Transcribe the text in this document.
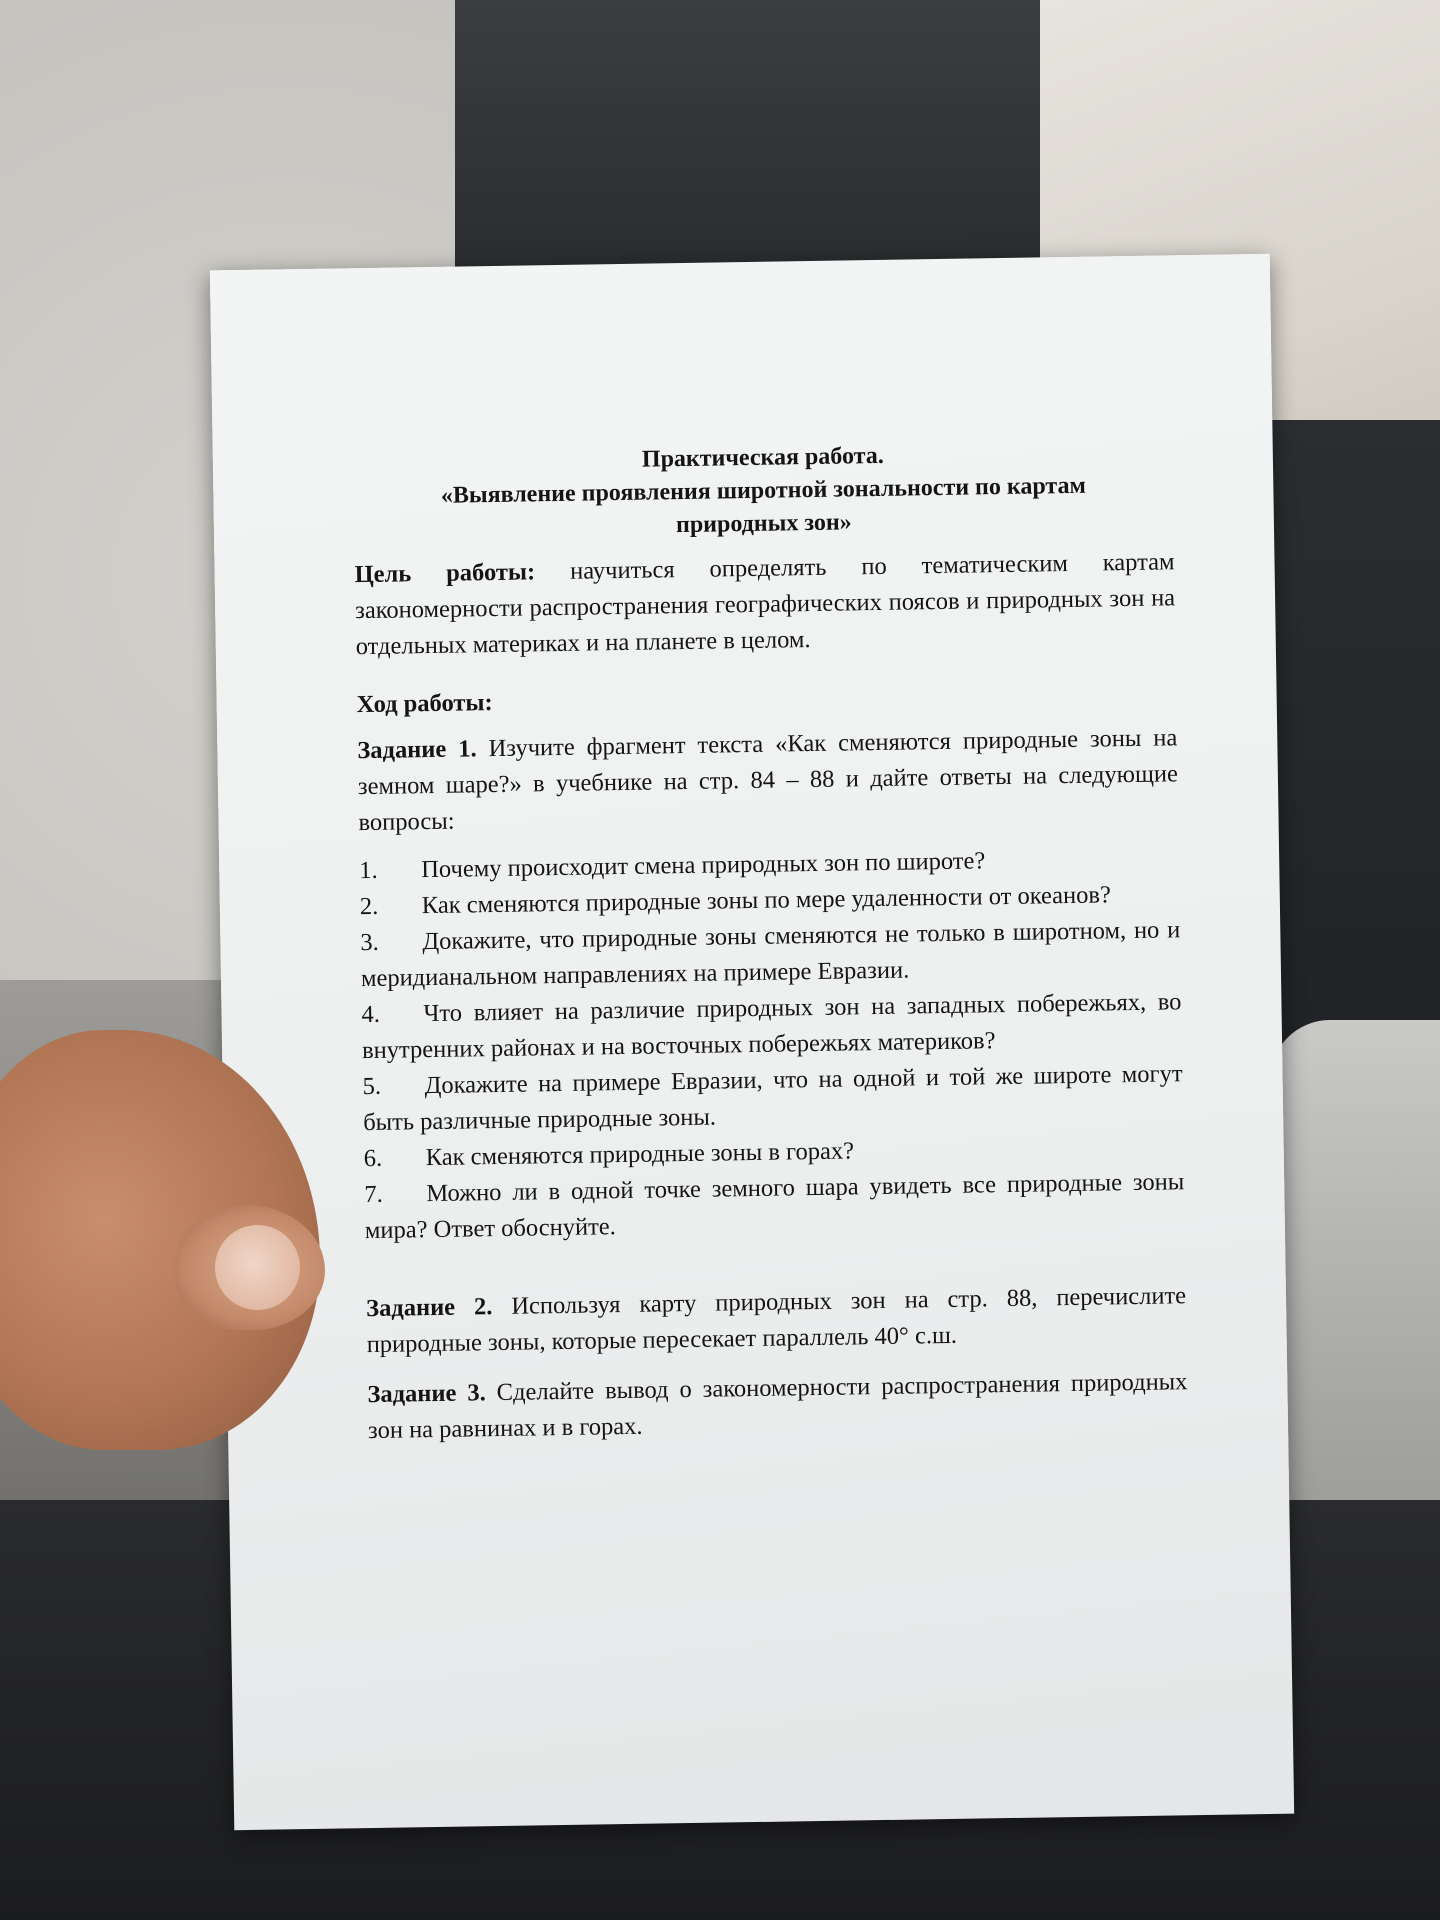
Практическая работа.
«Выявление проявления широтной зональности по картам
природных зон»

Цель работы: научиться определять по тематическим картам закономерности распространения географических поясов и природных зон на отдельных материках и на планете в целом.

Ход работы:

Задание 1. Изучите фрагмент текста «Как сменяются природные зоны на земном шаре?» в учебнике на стр. 84 – 88 и дайте ответы на следующие вопросы:

1. Почему происходит смена природных зон по широте?
2. Как сменяются природные зоны по мере удаленности от океанов?
3. Докажите, что природные зоны сменяются не только в широтном, но и меридианальном направлениях на примере Евразии.
4. Что влияет на различие природных зон на западных побережьях, во внутренних районах и на восточных побережьях материков?
5. Докажите на примере Евразии, что на одной и той же широте могут быть различные природные зоны.
6. Как сменяются природные зоны в горах?
7. Можно ли в одной точке земного шара увидеть все природные зоны мира? Ответ обоснуйте.

Задание 2. Используя карту природных зон на стр. 88, перечислите природные зоны, которые пересекает параллель 40° с.ш.

Задание 3. Сделайте вывод о закономерности распространения природных зон на равнинах и в горах.
